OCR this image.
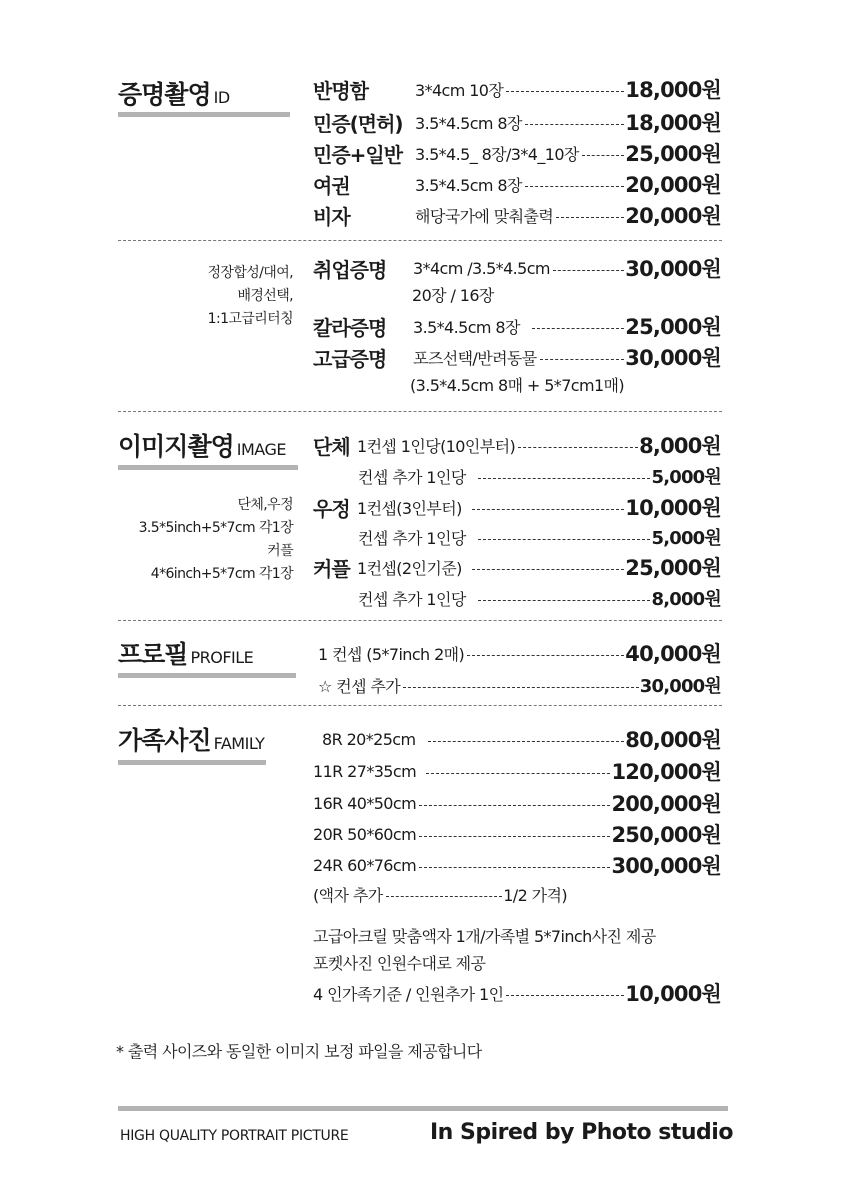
증명촬영 ID	반명함	3*4cm 10장	18,000원
민증(면허) 3.5*4.5cm 8장	18,000원
민증+일반 3.5*4.5_ 8장/3*4_10장 25,000원
여권	3.5*4.5cm 8장	20,000원
비자	해당국가에 맞춰출력	20,000원
정장합성/대여,
배경선택,
1:1고급리터칭
취업증명	3*4cm /3.5*4.5cm	30,000원
20장 / 16장
칼라증명	3.5*4.5cm 8장	25,000원
고급증명	포즈선택/반려동물	30,000원
(3.5*4.5cm 8매 + 5*7cm1매)
이미지촬영 IMAGE
단체,우정
3.5*5inch+5*7cm 각1장
커플
4*6inch+5*7cm 각1장
단체 1컨셉 1인당(10인부터)	8,000원
컨셉 추가 1인당	5,000원
우정 1컨셉(3인부터)	10,000원
컨셉 추가 1인당	5,000원
커플 1컨셉(2인기준)	25,000원
컨셉 추가 1인당	8,000원
프로필 PROFILE	1 컨셉 (5*7inch 2매)	40,000원
☆ 컨셉 추가	30,000원
가족사진 FAMILY	8R 20*25cm	80,000원
11R 27*35cm	120,000원
16R 40*50cm	200,000원
20R 50*60cm	250,000원
24R 60*76cm	300,000원
(액자 추가	1/2 가격)
고급아크릴 맞춤액자 1개/가족별 5*7inch사진 제공
포켓사진 인원수대로 제공
4 인가족기준 / 인원추가 1인	10,000원
* 출력 사이즈와 동일한 이미지 보정 파일을 제공합니다
HIGH QUALITY PORTRAIT PICTURE	In Spired by Photo studio
